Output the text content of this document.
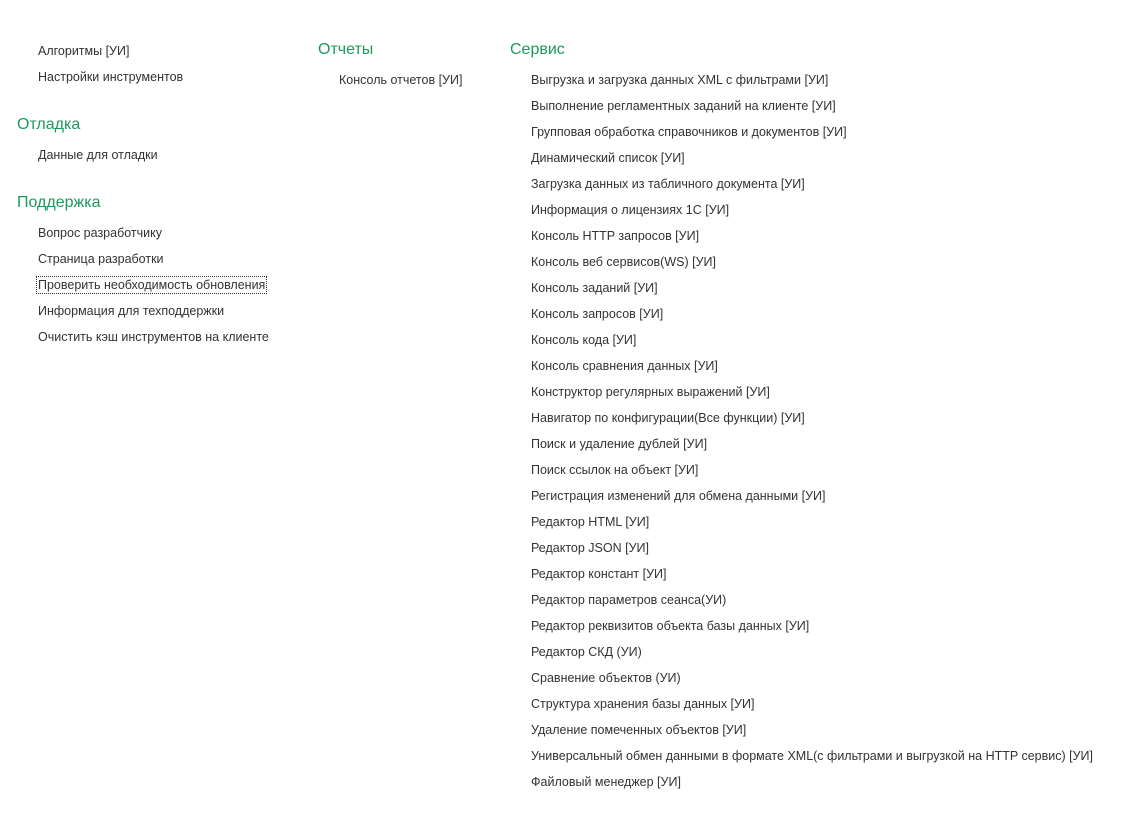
Алгоритмы [УИ]
Настройки инструментов
Отладка
Данные для отладки
Поддержка
Вопрос разработчику
Страница разработки
Проверить необходимость обновления
Информация для техподдержки
Очистить кэш инструментов на клиенте
Отчеты
Консоль отчетов [УИ]
Сервис
Выгрузка и загрузка данных XML с фильтрами [УИ]
Выполнение регламентных заданий на клиенте [УИ]
Групповая обработка справочников и документов [УИ]
Динамический список [УИ]
Загрузка данных из табличного документа [УИ]
Информация о лицензиях 1С [УИ]
Консоль HTTP запросов [УИ]
Консоль веб сервисов(WS) [УИ]
Консоль заданий [УИ]
Консоль запросов [УИ]
Консоль кода [УИ]
Консоль сравнения данных [УИ]
Конструктор регулярных выражений [УИ]
Навигатор по конфигурации(Все функции) [УИ]
Поиск и удаление дублей [УИ]
Поиск ссылок на объект [УИ]
Регистрация изменений для обмена данными [УИ]
Редактор HTML [УИ]
Редактор JSON [УИ]
Редактор констант [УИ]
Редактор параметров сеанса(УИ)
Редактор реквизитов объекта базы данных [УИ]
Редактор СКД (УИ)
Сравнение объектов (УИ)
Структура хранения базы данных [УИ]
Удаление помеченных объектов [УИ]
Универсальный обмен данными в формате XML(с фильтрами и выгрузкой на HTTP сервис) [УИ]
Файловый менеджер [УИ]
